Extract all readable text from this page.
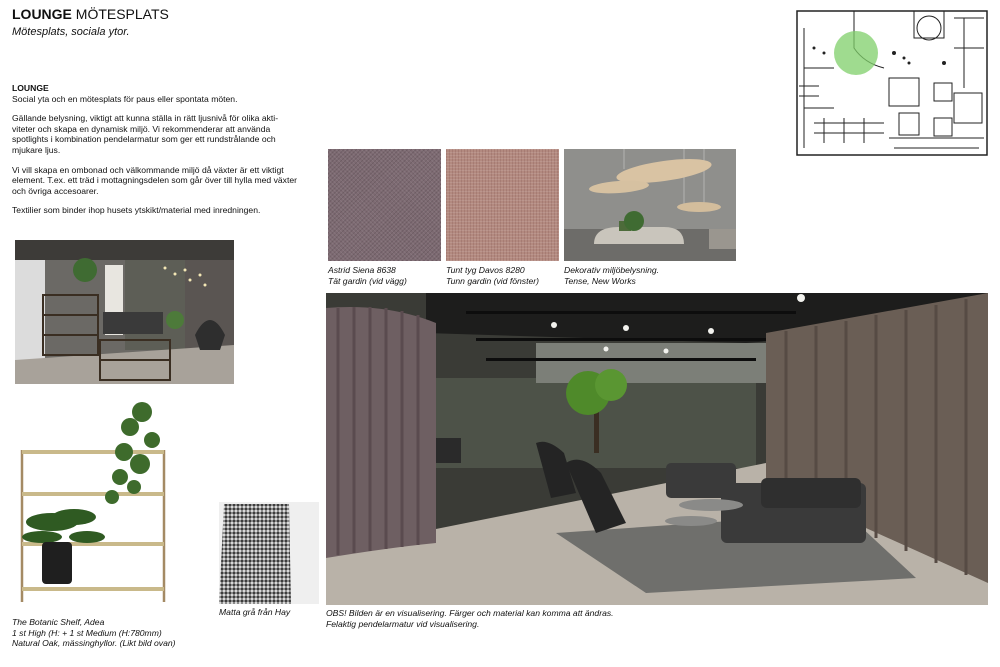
LOUNGE MÖTESPLATS
Mötesplats, sociala ytor.

LOUNGE

Social yta och en mötesplats för paus eller spontata möten.

Gällande belysning, viktigt att kunna ställa in rätt ljusnivå för olika akti-viteter och skapa en dynamisk miljö. Vi rekommenderar att använda spotlights i kombination pendelarmatur som ger ett rundstrålande och mjukare ljus.

Vi vill skapa en ombonad och välkommande miljö då växter är ett viktigt element. T.ex. ett träd i mottagningsdelen som går över till hylla med växter och övriga accesoarer.

Textilier som binder ihop husets ytskikt/material med inredningen.

Astrid Siena 8638
Tät gardin (vid vägg)
Tunt tyg Davos 8280
Tunn gardin (vid fönster)
Dekorativ miljöbelysning.
Tense, New Works
The Botanic Shelf, Adea
1 st High (H: + 1 st Medium (H:780mm)
Natural Oak, mässinghyllor. (Likt bild ovan)
Matta grå från Hay	OBS! Bilden är en visualisering. Färger och material kan komma att ändras.
Felaktig pendelarmatur vid visualisering.
